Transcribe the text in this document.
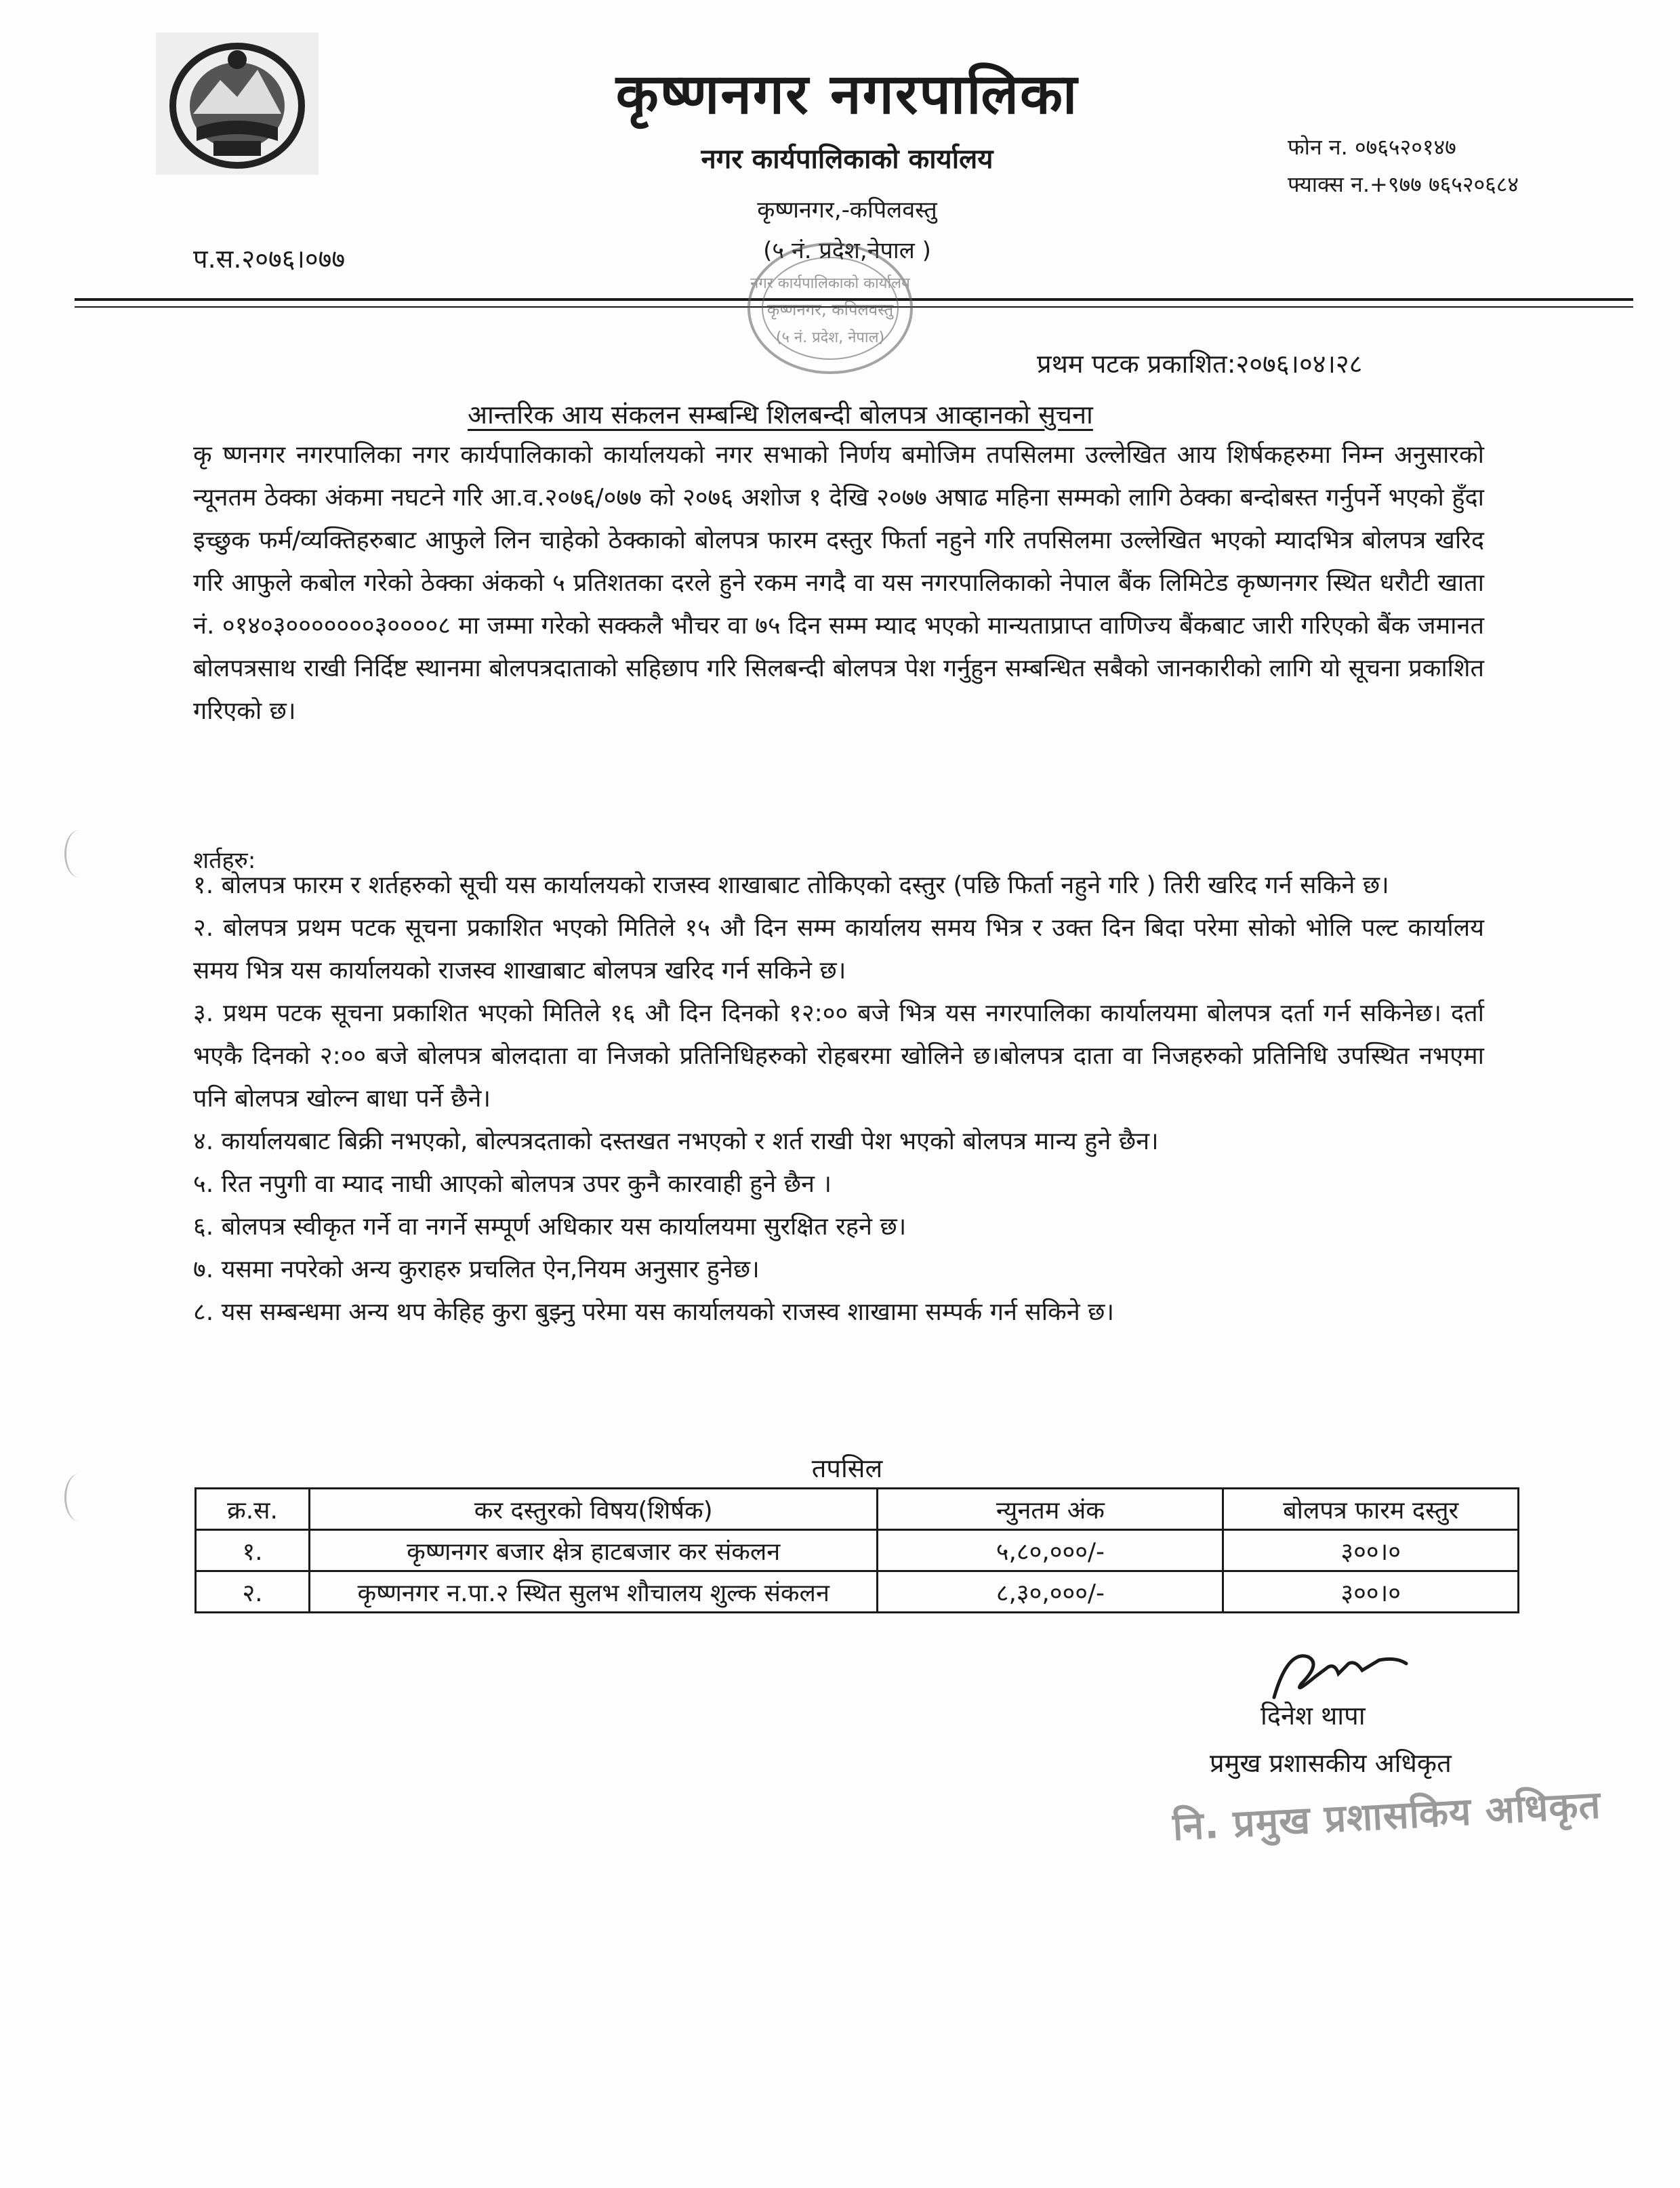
कृष्णनगर नगरपालिका
नगर कार्यपालिकाको कार्यालय
कृष्णनगर,-कपिलवस्तु
(५ नं. प्रदेश,नेपाल )
फोन न. ०७६५२०१४७
फ्याक्स न.+९७७ ७६५२०६८४
प.स.२०७६।०७७
नगर कार्यपालिकाको कार्यालय
कृष्णनगर, कपिलवस्तु
(५ नं. प्रदेश, नेपाल)
प्रथम पटक प्रकाशित:२०७६।०४।२८
आन्तरिक आय संकलन सम्बन्धि शिलबन्दी बोलपत्र आव्हानको सुचना
कृ ष्णनगर नगरपालिका नगर कार्यपालिकाको कार्यालयको नगर सभाको निर्णय बमोजिम तपसिलमा उल्लेखित आय शिर्षकहरुमा निम्न अनुसारको न्यूनतम ठेक्का अंकमा नघटने गरि आ.व.२०७६/०७७ को २०७६ अशोज १ देखि २०७७ अषाढ महिना सम्मको लागि ठेक्का बन्दोबस्त गर्नुपर्ने भएको हुँदा इच्छुक फर्म/व्यक्तिहरुबाट आफुले लिन चाहेको ठेक्काको बोलपत्र फारम दस्तुर फिर्ता नहुने गरि तपसिलमा उल्लेखित भएको म्यादभित्र बोलपत्र खरिद गरि आफुले कबोल गरेको ठेक्का अंकको ५ प्रतिशतका दरले हुने रकम नगदै वा यस नगरपालिकाको नेपाल बैंक लिमिटेड कृष्णनगर स्थित धरौटी खाता नं. ०१४०३०००००००३००००८ मा जम्मा गरेको सक्कलै भौचर वा ७५ दिन सम्म म्याद भएको मान्यताप्राप्त वाणिज्य बैंकबाट जारी गरिएको बैंक जमानत बोलपत्रसाथ राखी निर्दिष्ट स्थानमा बोलपत्रदाताको सहिछाप गरि सिलबन्दी बोलपत्र पेश गर्नुहुन सम्बन्धित सबैको जानकारीको लागि यो सूचना प्रकाशित गरिएको छ।
शर्तहरु:

१. बोलपत्र फारम र शर्तहरुको सूची यस कार्यालयको राजस्व शाखाबाट तोकिएको दस्तुर (पछि फिर्ता नहुने गरि ) तिरी खरिद गर्न सकिने छ।

२. बोलपत्र प्रथम पटक सूचना प्रकाशित भएको मितिले १५ औ दिन सम्म कार्यालय समय भित्र र उक्त दिन बिदा परेमा सोको भोलि पल्ट कार्यालय समय भित्र यस कार्यालयको राजस्व शाखाबाट बोलपत्र खरिद गर्न सकिने छ।

३. प्रथम पटक सूचना प्रकाशित भएको मितिले १६ औ दिन दिनको १२:०० बजे भित्र यस नगरपालिका कार्यालयमा बोलपत्र दर्ता गर्न सकिनेछ। दर्ता भएकै दिनको २:०० बजे बोलपत्र बोलदाता वा निजको प्रतिनिधिहरुको रोहबरमा खोलिने छ।बोलपत्र दाता वा निजहरुको प्रतिनिधि उपस्थित नभएमा पनि बोलपत्र खोल्न बाधा पर्ने छैने।

४. कार्यालयबाट बिक्री नभएको, बोल्पत्रदताको दस्तखत नभएको र शर्त राखी पेश भएको बोलपत्र मान्य हुने छैन।

५. रित नपुगी वा म्याद नाघी आएको बोलपत्र उपर कुनै कारवाही हुने छैन ।

६. बोलपत्र स्वीकृत गर्ने वा नगर्ने सम्पूर्ण अधिकार यस कार्यालयमा सुरक्षित रहने छ।

७. यसमा नपरेको अन्य कुराहरु प्रचलित ऐन,नियम अनुसार हुनेछ।

८. यस सम्बन्धमा अन्य थप केहिह कुरा बुझ्नु परेमा यस कार्यालयको राजस्व शाखामा सम्पर्क गर्न सकिने छ।

तपसिल
क्र.स.	कर दस्तुरको विषय(शिर्षक)	न्युनतम अंक	बोलपत्र फारम दस्तुर
१.	कृष्णनगर बजार क्षेत्र हाटबजार कर संकलन	५,८०,०००/-	३००।०
२.	कृष्णनगर न.पा.२ स्थित सुलभ शौचालय शुल्क संकलन	८,३०,०००/-	३००।०
दिनेश थापा
प्रमुख प्रशासकीय अधिकृत
नि. प्रमुख प्रशासकिय अधिकृत
